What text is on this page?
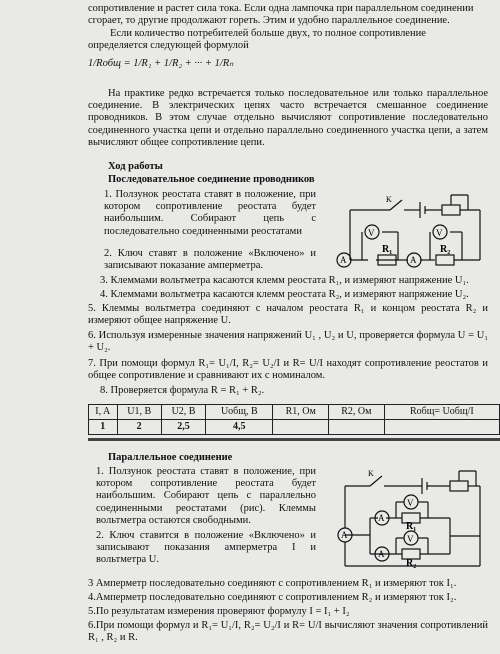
сопротивление и растет сила тока. Если одна лампочка при параллельном соединении
сгорает, то другие продолжают гореть. Этим и удобно параллельное соединение.
Если количество потребителей больше двух, то полное сопротивление
определяется следующей формулой
1/Rобщ = 1/R₁ + 1/R₂ + ··· + 1/Rₙ
На практике редко встречается только последовательное или только параллельное соединение. В электрических цепях часто встречается смешанное соединение проводников. В этом случае отдельно вычисляют сопротивление последовательно соединенного участка цепи и отдельно параллельно соединенного участка цепи, а затем вычисляют общее сопротивление цепи.
Ход работы
Последовательное соединение проводников
1. Ползунок реостата ставят в положение, при котором сопротивление реостата будет наибольшим. Собирают цепь с последовательно соединенными реостатами
2. Ключ ставят в положение «Включено» и записывают показание амперметра.
K
V	V
A	A
R₁	R₂
3. Клеммами вольтметра касаются клемм реостата R₁, и измеряют напряжение U₁.
4. Клеммами вольтметра касаются клемм реостата R₂, и измеряют напряжение U₂.
5. Клеммы вольтметра соединяют с началом реостата R₁ и концом реостата R₂ и измеряют общее напряжение U.
6. Используя измеренные значения напряжений U₁ , U₂ и U, проверяется формула U = U₁ + U₂.
7. При помощи формул R₁= U₁/I, R₂= U₂/I и R= U/I находят сопротивление реостатов и общее сопротивление и сравнивают их с номиналом.
8. Проверяется формула R = R₁ + R₂.
I, A	U1, B	U2, B	Uобщ, B	R1, Ом	R2, Ом	Rобщ= Uобщ/I
1	2	2,5	4,5			
Параллельное соединение
1. Ползунок реостата ставят в положение, при котором сопротивление реостата будет наибольшим. Собирают цепь с параллельно соединенными реостатами (рис). Клеммы вольтметра остаются свободными.
2. Ключ ставится в положение «Включено» и записывают показания амперметра I и вольтметра U.
K
V
V
A
A
A
R₁
R₂
3 Амперметр последовательно соединяют с сопротивлением R₁ и измеряют ток I₁.
4.Амперметр последовательно соединяют с сопротивлением R₂ и измеряют ток I₂.
5.По результатам измерения проверяют формулу I = I₁ + I₂
6.При помощи формул и R₁= U₁/I, R₂= U₂/I и R= U/I вычисляют значения сопротивлений R₁ , R₂ и R.
